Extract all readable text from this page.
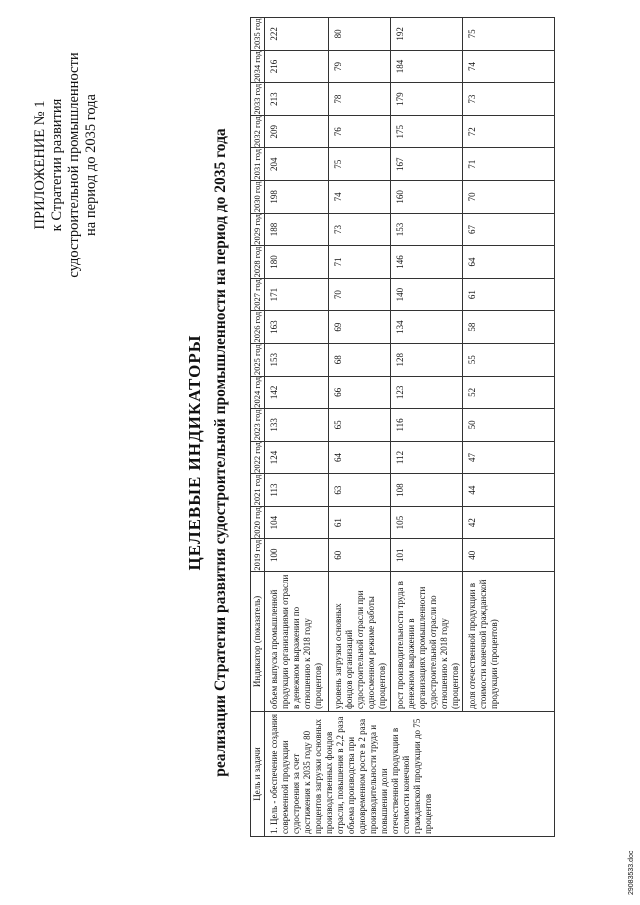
ПРИЛОЖЕНИЕ № 1 к Стратегии развития судостроительной промышленности на период до 2035 года
ЦЕЛЕВЫЕ ИНДИКАТОРЫ реализации Стратегии развития судостроительной промышленности на период до 2035 года	Цель и задачи	Индикатор (показатель)	2019 год	2020 год	2021 год	2022 год	2023 год	2024 год	2025 год	2026 год	2027 год	2028 год	2029 год	2030 год	2031 год	2032 год	2033 год	2034 год	2035 год
1. Цель - обеспечение создания современной продукции судостроения за счет достижения к 2035 году 80 процентов загрузки основных производственных фондов отрасли, повышения в 2,2 раза объема производства при одновременном росте в 2 раза производительности труда и повышении доли отечественной продукции в стоимости конечной гражданской продукции до 75 процентов	объем выпуска промышленной продукции организациями отрасли в денежном выражении по отношению к 2018 году (процентов)	100	104	113	124	133	142	153	163	171	180	188	198	204	209	213	216	222
	уровень загрузки основных фондов организаций судостроительной отрасли при односменном режиме работы (процентов)	60	61	63	64	65	66	68	69	70	71	73	74	75	76	78	79	80
	рост производительности труда в денежном выражении в организациях промышленности судостроительной отрасли по отношению к 2018 году (процентов)	101	105	108	112	116	123	128	134	140	146	153	160	167	175	179	184	192
	доля отечественной продукции в стоимости конечной гражданской продукции (процентов)	40	42	44	47	50	52	55	58	61	64	67	70	71	72	73	74	75
29083533.doc
